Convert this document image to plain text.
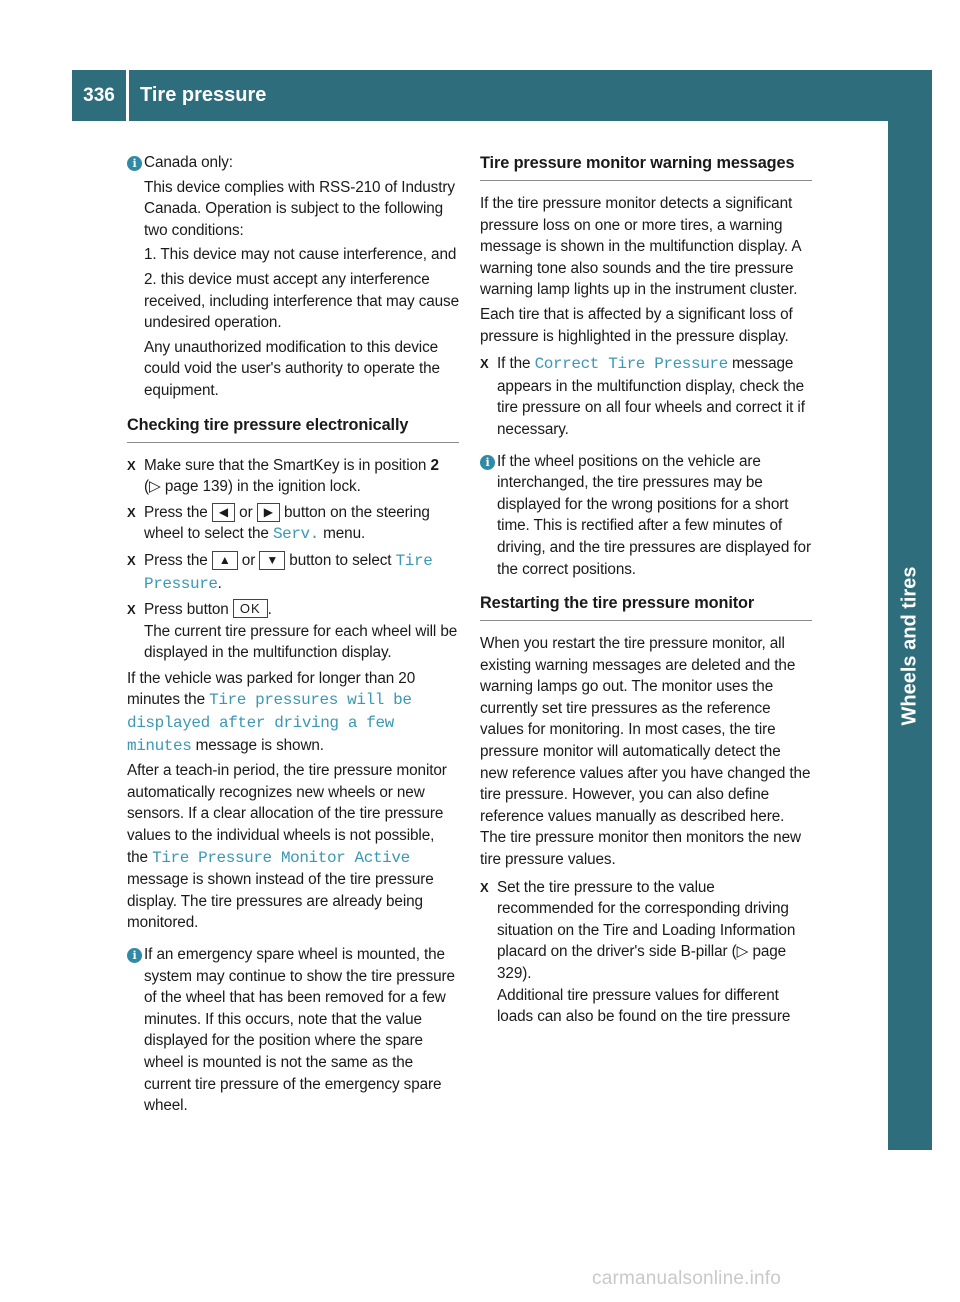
336	Tire pressure
Wheels and tires
i Canada only:

This device complies with RSS-210 of Industry Canada. Operation is subject to the following two conditions:

1. This device may not cause interference, and

2. this device must accept any interference received, including interference that may cause undesired operation.

Any unauthorized modification to this device could void the user's authority to operate the equipment.

Checking tire pressure electronically
X Make sure that the SmartKey is in position 2 (▷ page 139) in the ignition lock.
X Press the ◀ or ▶ button on the steering wheel to select the Serv. menu.
X Press the ▲ or ▼ button to select Tire Pressure.
X Press button OK .

The current tire pressure for each wheel will be displayed in the multifunction display.

If the vehicle was parked for longer than 20 minutes the Tire pressures will be displayed after driving a few minutes message is shown.

After a teach-in period, the tire pressure monitor automatically recognizes new wheels or new sensors. If a clear allocation of the tire pressure values to the individual wheels is not possible, the Tire Pressure Monitor Active message is shown instead of the tire pressure display. The tire pressures are already being monitored.

i If an emergency spare wheel is mounted, the system may continue to show the tire pressure of the wheel that has been removed for a few minutes. If this occurs, note that the value displayed for the position where the spare wheel is mounted is not the same as the current tire pressure of the emergency spare wheel.

Tire pressure monitor warning messages

If the tire pressure monitor detects a significant pressure loss on one or more tires, a warning message is shown in the multifunction display. A warning tone also sounds and the tire pressure warning lamp lights up in the instrument cluster.

Each tire that is affected by a significant loss of pressure is highlighted in the pressure display.

X If the Correct Tire Pressure message appears in the multifunction display, check the tire pressure on all four wheels and correct it if necessary.
i If the wheel positions on the vehicle are interchanged, the tire pressures may be displayed for the wrong positions for a short time. This is rectified after a few minutes of driving, and the tire pressures are displayed for the correct positions.

Restarting the tire pressure monitor

When you restart the tire pressure monitor, all existing warning messages are deleted and the warning lamps go out. The monitor uses the currently set tire pressures as the reference values for monitoring. In most cases, the tire pressure monitor will automatically detect the new reference values after you have changed the tire pressure. However, you can also define reference values manually as described here. The tire pressure monitor then monitors the new tire pressure values.

X Set the tire pressure to the value recommended for the corresponding driving situation on the Tire and Loading Information placard on the driver's side B-pillar (▷ page 329).

Additional tire pressure values for different loads can also be found on the tire pressure

carmanualsonline.info
